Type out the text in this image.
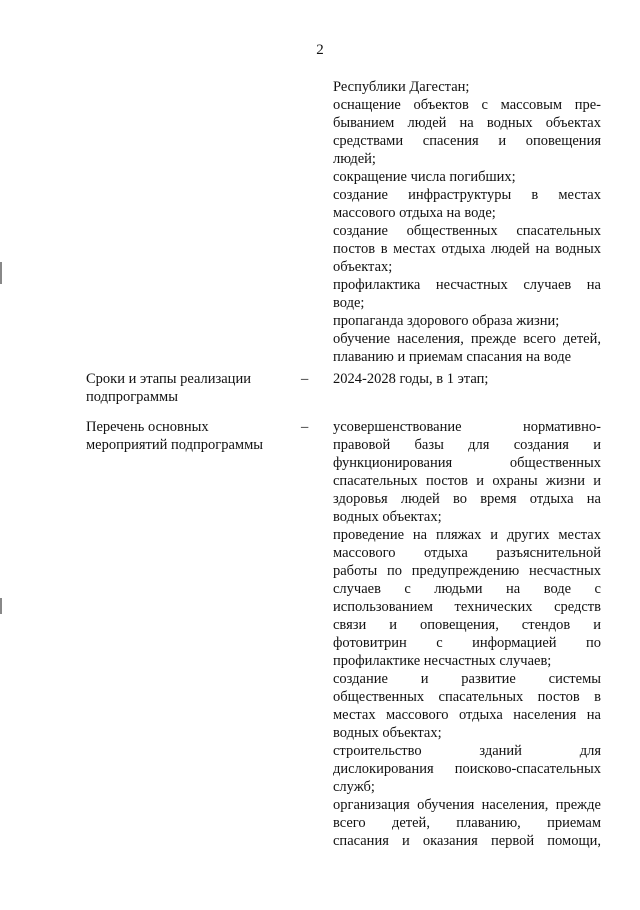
2
Республики Дагестан;
оснащение объектов с массовым пре-
быванием людей на водных объектах
средствами спасения и оповещения
людей;
сокращение числа погибших;
создание инфраструктуры в местах
массового отдыха на воде;
создание общественных спасательных
постов в местах отдыха людей на водных
объектах;
профилактика несчастных случаев на
воде;
пропаганда здорового образа жизни;
обучение населения, прежде всего детей,
плаванию и приемам спасания на воде
Сроки и этапы реализации
подпрограммы
– 2024-2028 годы, в 1 этап;
Перечень основных
мероприятий подпрограммы
– усовершенствование нормативно-
правовой базы для создания и
функционирования общественных
спасательных постов и охраны жизни и
здоровья людей во время отдыха на
водных объектах;
проведение на пляжах и других местах
массового отдыха разъяснительной
работы по предупреждению несчастных
случаев с людьми на воде с
использованием технических средств
связи и оповещения, стендов и
фотовитрин с информацией по
профилактике несчастных случаев;
создание и развитие системы
общественных спасательных постов в
местах массового отдыха населения на
водных объектах;
строительство зданий для
дислокирования поисково-спасательных
служб;
организация обучения населения, прежде
всего детей, плаванию, приемам
спасания и оказания первой помощи,
